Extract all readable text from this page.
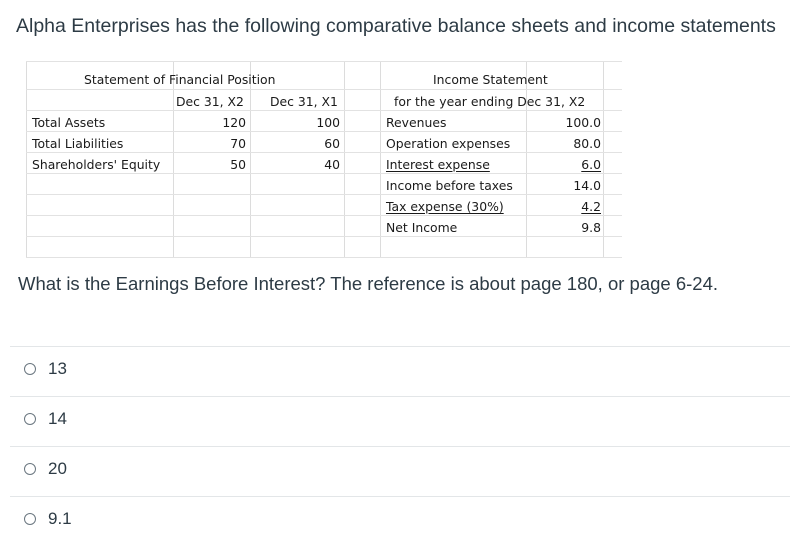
Alpha Enterprises has the following comparative balance sheets and income statements
Statement of Financial Position
Dec 31, X2 Dec 31, X1
Total Assets	120	100
Total Liabilities	70	60
Shareholders' Equity	50	40
Income Statement
for the year ending Dec 31, X2
Revenues	100.0
Operation expenses	80.0
Interest expense	6.0
Income before taxes	14.0
Tax expense (30%)	4.2
Net Income	9.8
What is the Earnings Before Interest? The reference is about page 180, or page 6-24.
13
14
20
9.1
